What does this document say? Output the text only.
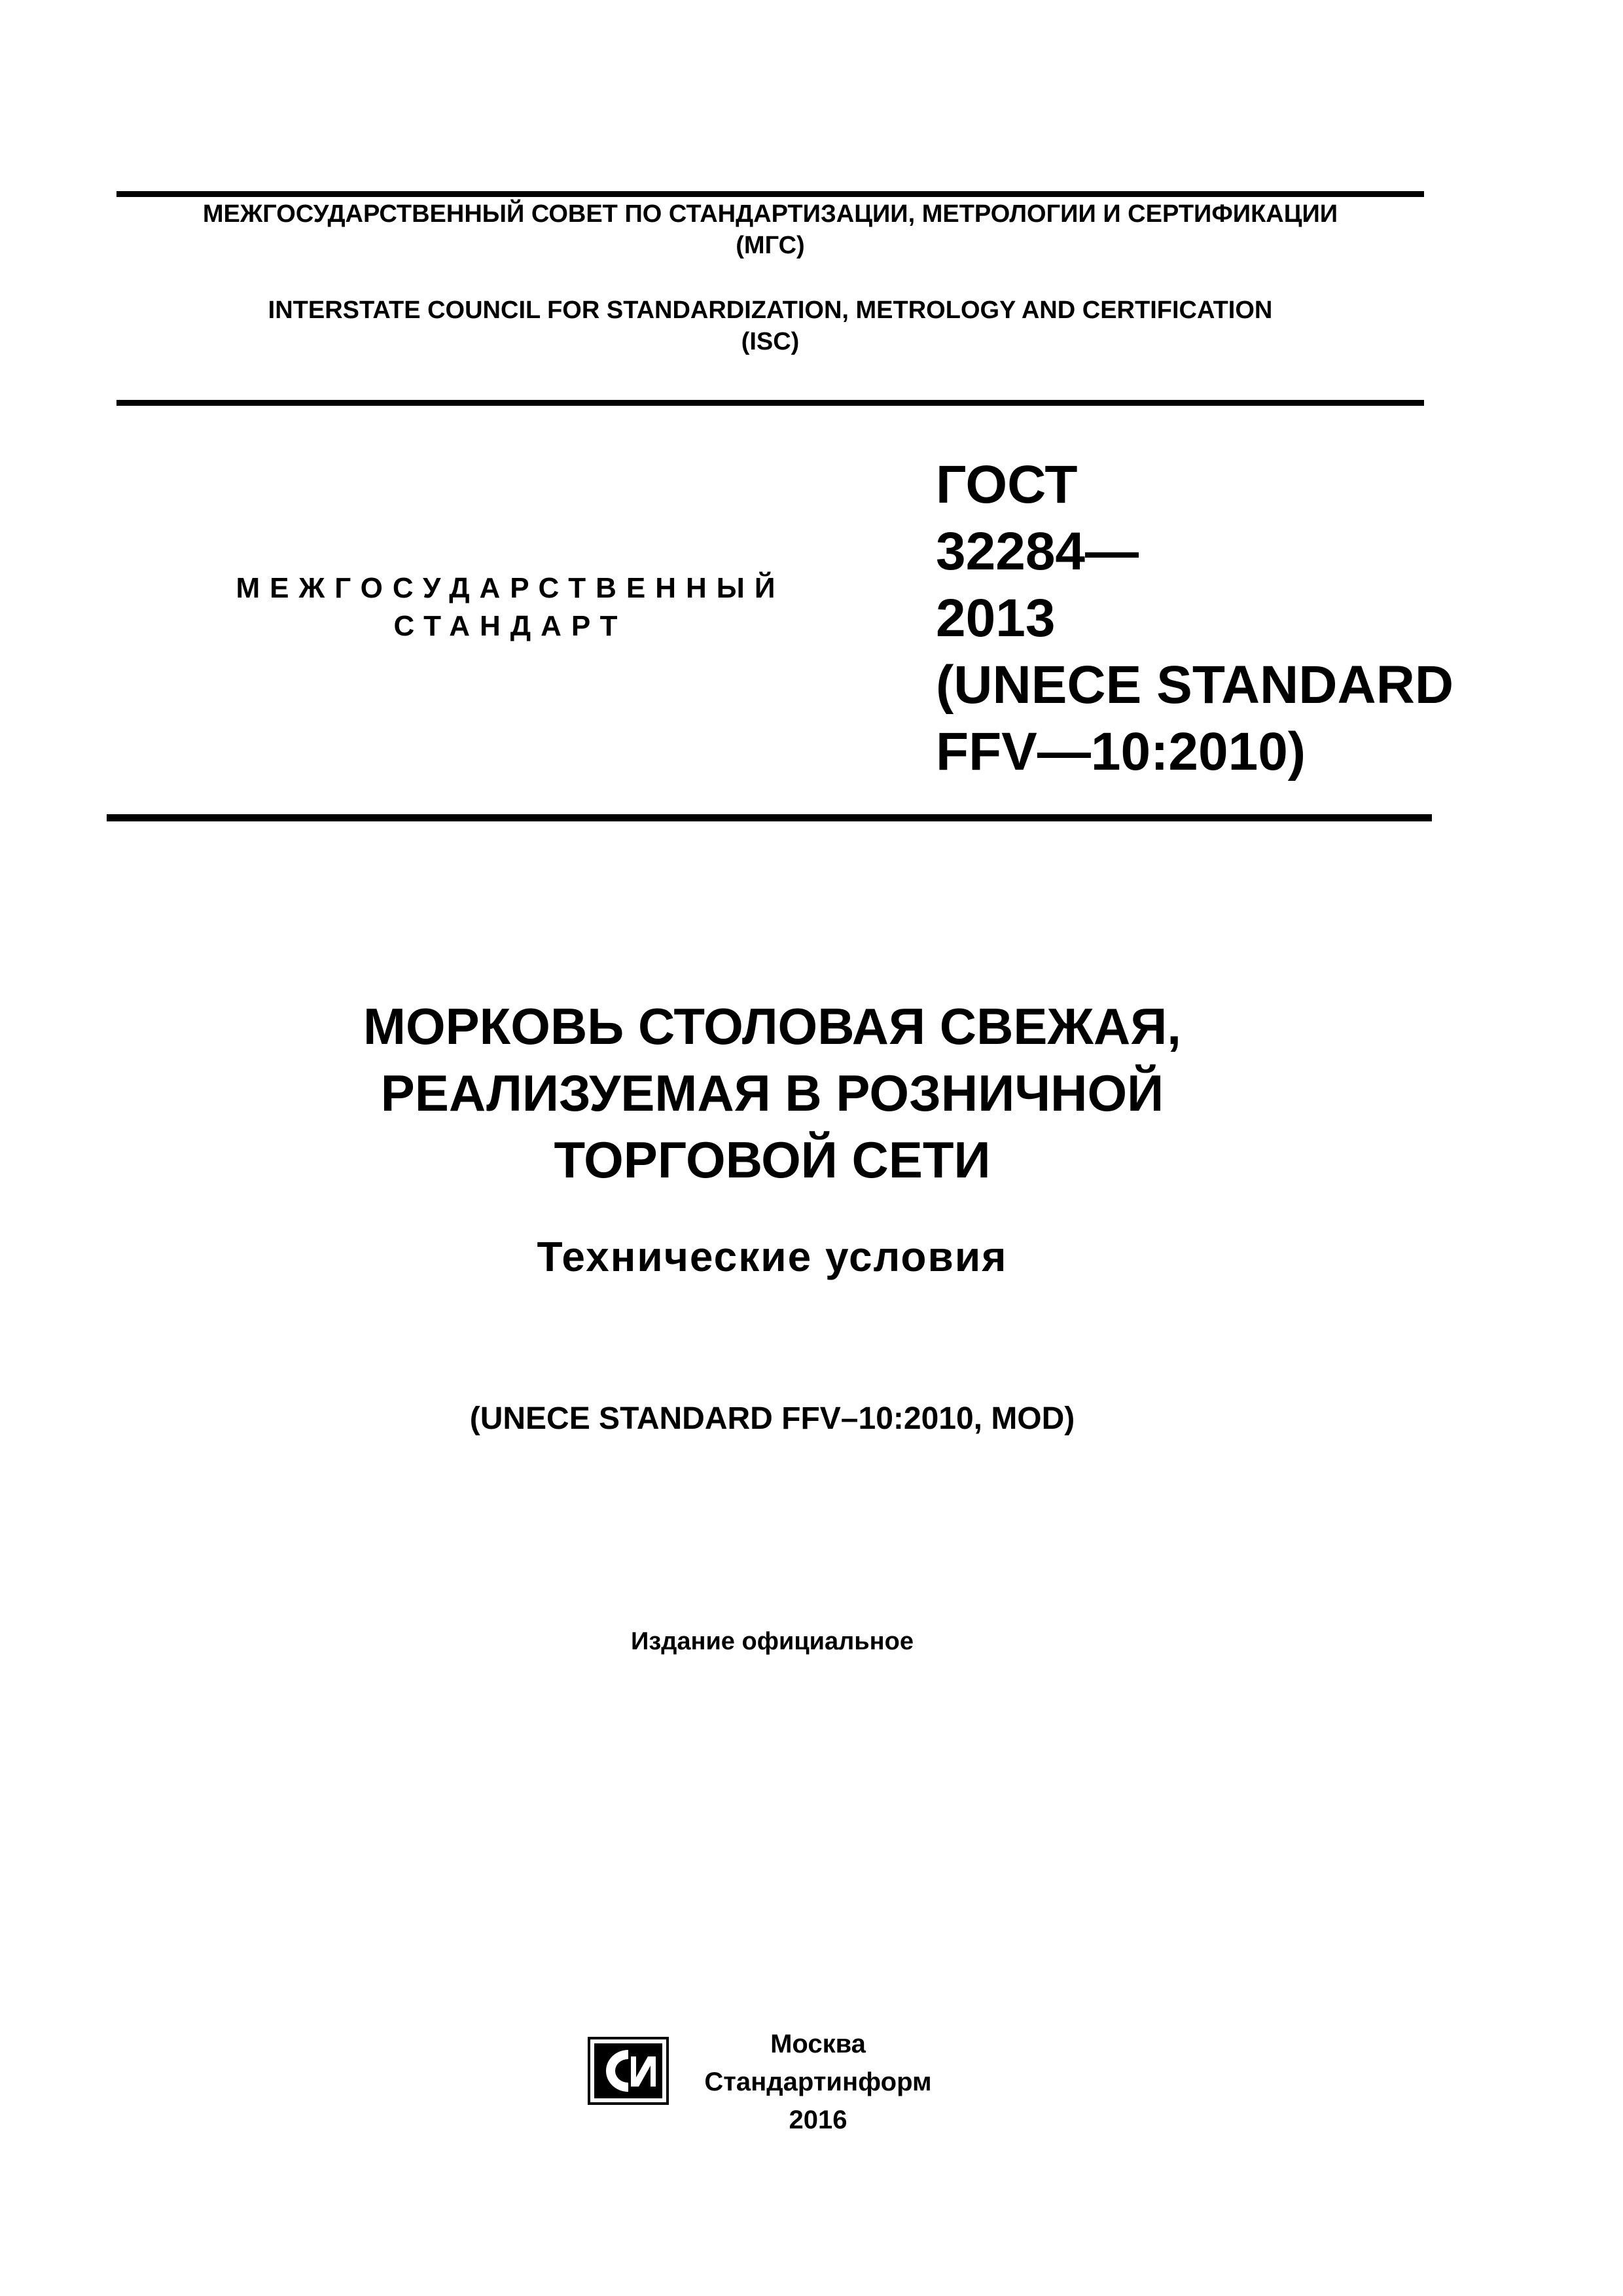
МЕЖГОСУДАРСТВЕННЫЙ СОВЕТ ПО СТАНДАРТИЗАЦИИ, МЕТРОЛОГИИ И СЕРТИФИКАЦИИ
(МГС)
INTERSTATE COUNCIL FOR STANDARDIZATION, METROLOGY AND CERTIFICATION
(ISC)
МЕЖГОСУДАРСТВЕННЫЙ
СТАНДАРТ
ГОСТ
32284—
2013
(UNECE STANDARD
FFV—10:2010)
МОРКОВЬ СТОЛОВАЯ СВЕЖАЯ,
РЕАЛИЗУЕМАЯ В РОЗНИЧНОЙ
ТОРГОВОЙ СЕТИ
Технические условия
(UNECE STANDARD FFV–10:2010, MOD)
Издание официальное
Москва
Стандартинформ
2016
